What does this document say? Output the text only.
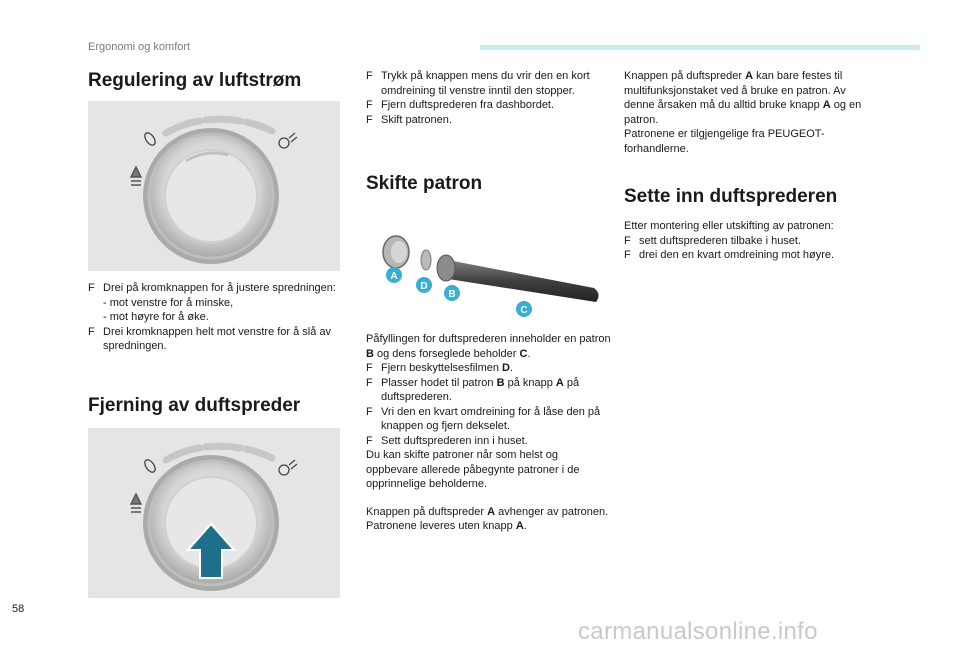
Ergonomi og komfort
Regulering av luftstrøm

F Drei på kromknappen for å justere spredningen:

- mot venstre for å minske,

- mot høyre for å øke.

F Drei kromknappen helt mot venstre for å slå av spredningen.

Fjerning av duftspreder

F Trykk på knappen mens du vrir den en kort omdreining til venstre inntil den stopper.

F Fjern duftsprederen fra dashbordet.

F Skift patronen.

Skifte patron
A
D
B
C

Påfyllingen for duftsprederen inneholder en patron B og dens forseglede beholder C.

F Fjern beskyttelsesfilmen D.

F Plasser hodet til patron B på knapp A på duftsprederen.

F Vri den en kvart omdreining for å låse den på knappen og fjern dekselet.

F Sett duftsprederen inn i huset.

Du kan skifte patroner når som helst og oppbevare allerede påbegynte patroner i de opprinnelige beholderne.

Knappen på duftspreder A avhenger av patronen. Patronene leveres uten knapp A.

Knappen på duftspreder A kan bare festes til multifunksjonstaket ved å bruke en patron. Av denne årsaken må du alltid bruke knapp A og en patron.

Patronene er tilgjengelige fra PEUGEOT-forhandlerne.

Sette inn duftsprederen

Etter montering eller utskifting av patronen:

F sett duftsprederen tilbake i huset.

F drei den en kvart omdreining mot høyre.

58
carmanualsonline.info
